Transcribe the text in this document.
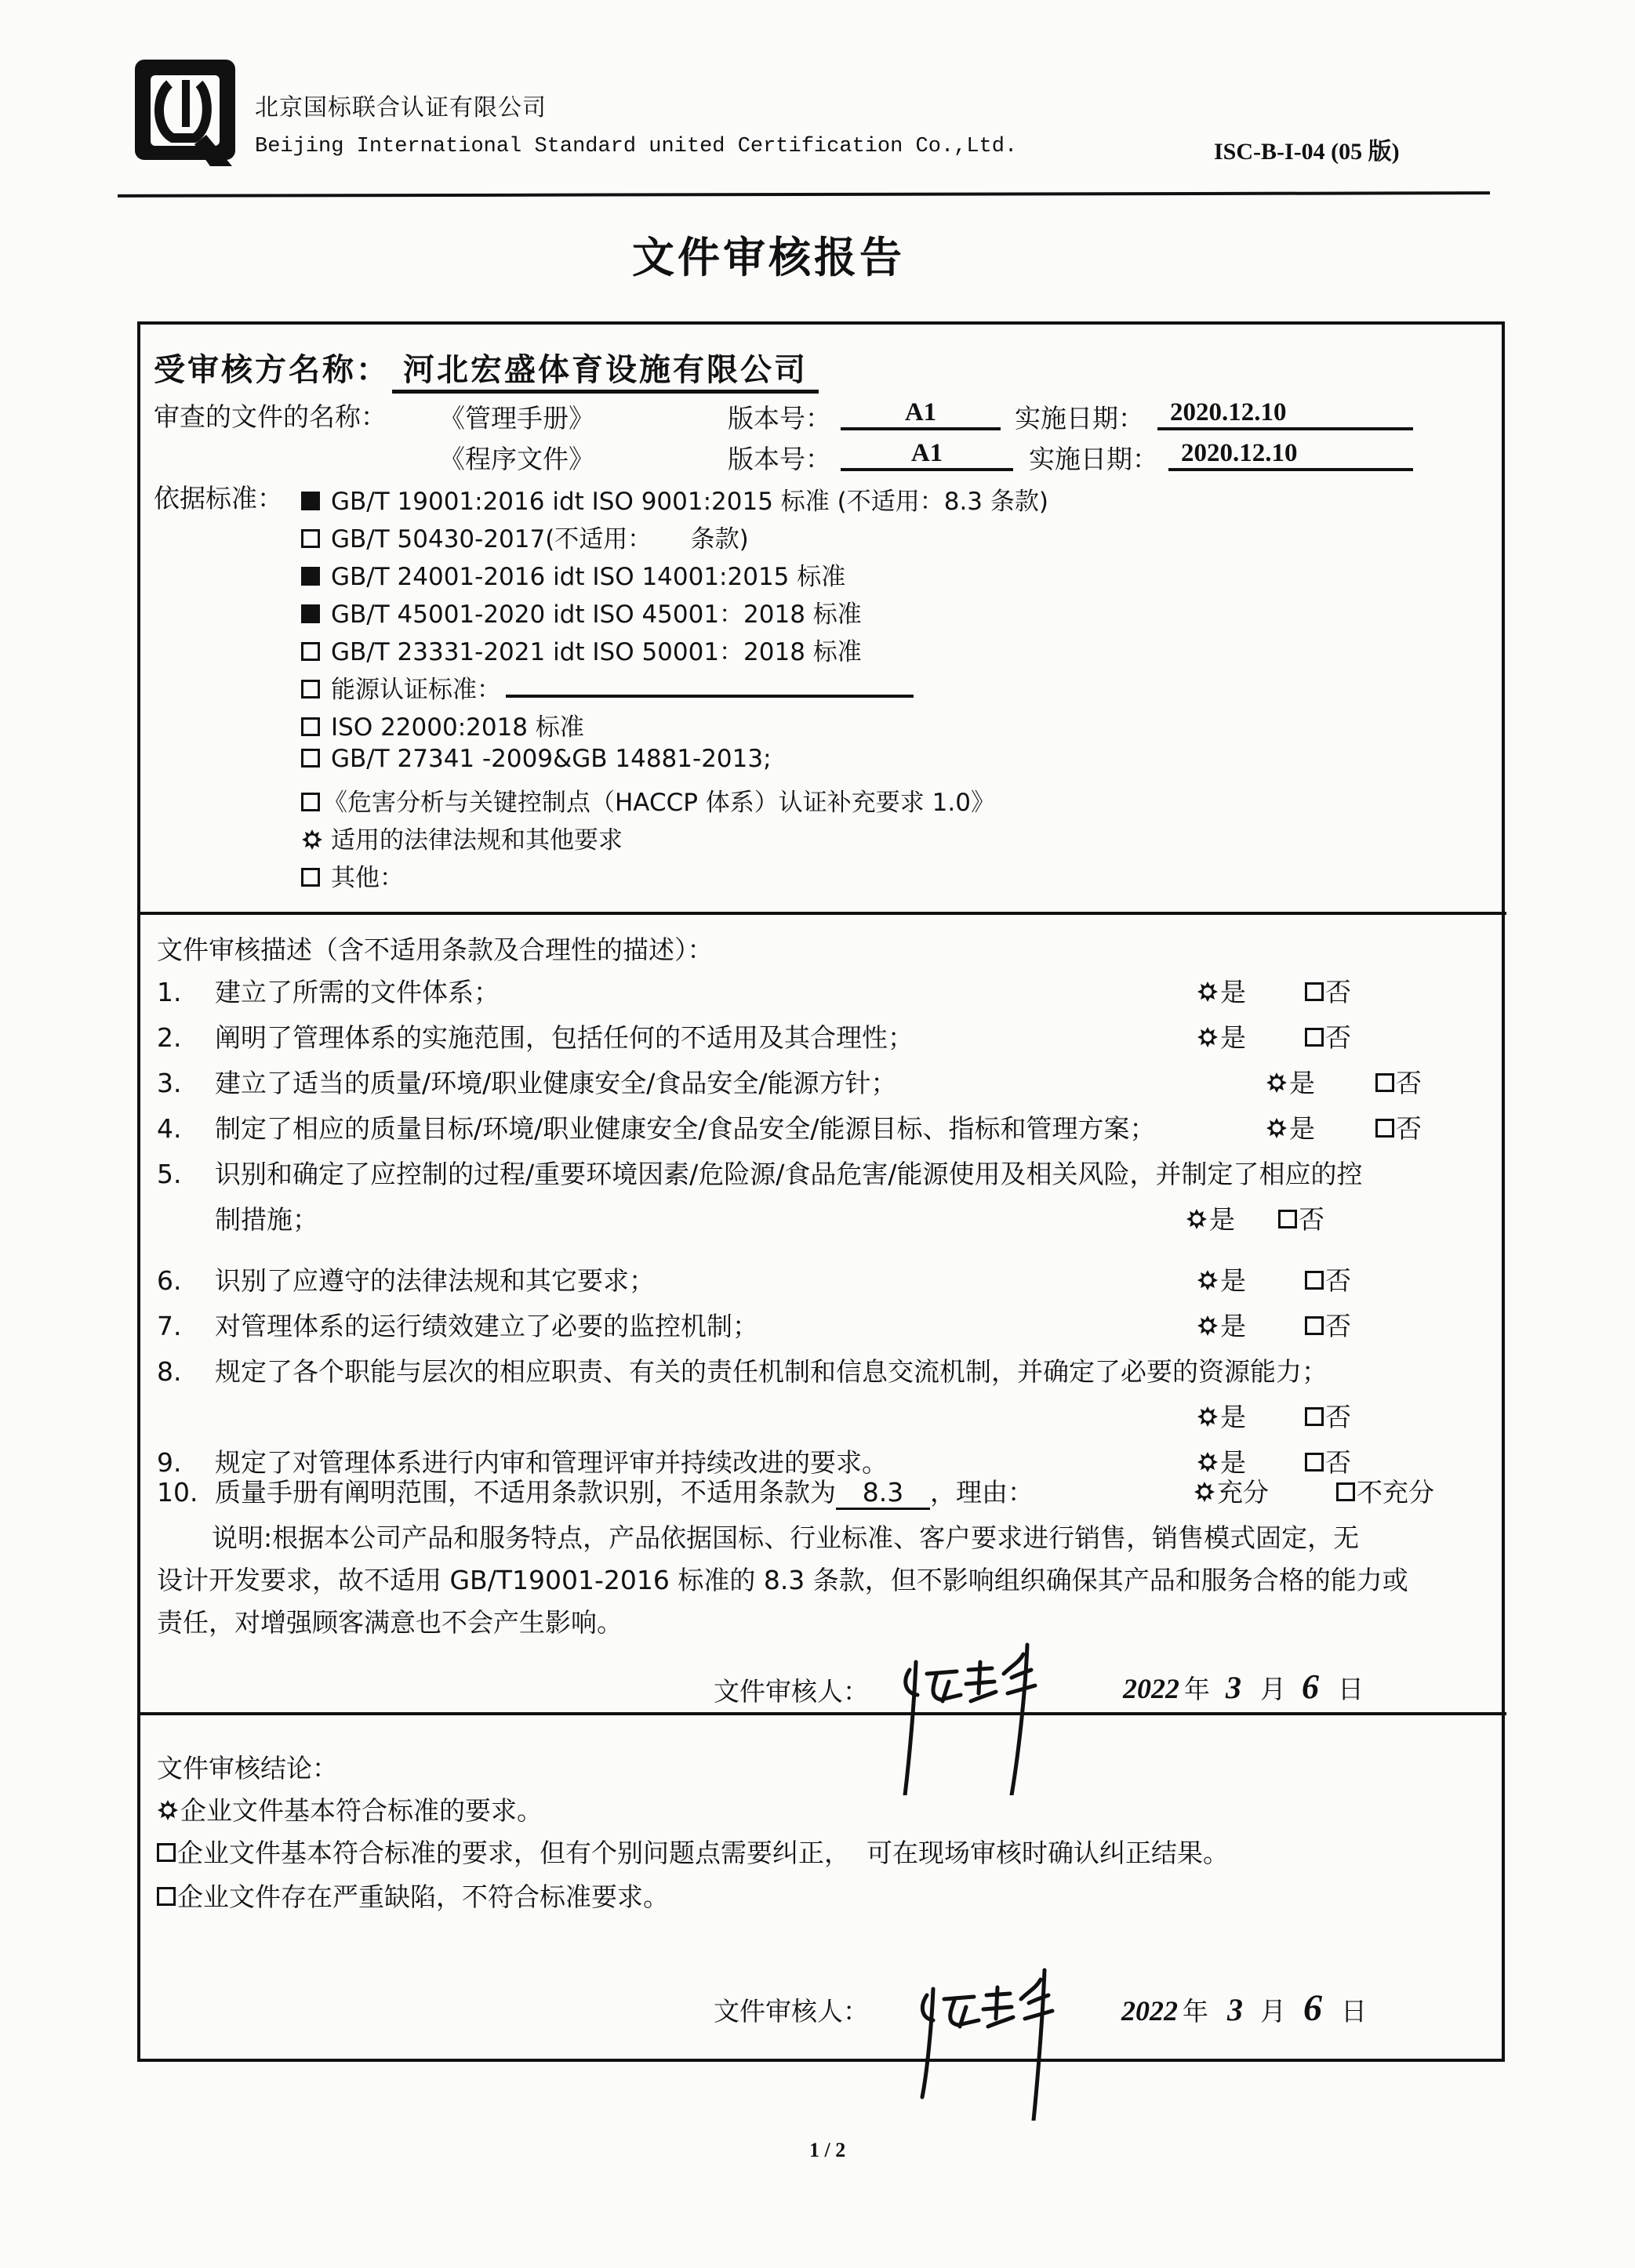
北京国标联合认证有限公司
Beijing International Standard united Certification Co.,Ltd.	ISC-B-I-04 (05 版)
文件审核报告
受审核方名称： 河北宏盛体育设施有限公司
审查的文件的名称： 《管理手册》	版本号：	A1	实施日期：	2020.12.10
《程序文件》	版本号：	A1	实施日期： 2020.12.10
依据标准：	GB/T 19001:2016 idt ISO 9001:2015 标准 (不适用：8.3 条款)
GB/T 50430-2017(不适用：     条款)
GB/T 24001-2016 idt ISO 14001:2015 标准
GB/T 45001-2020 idt ISO 45001：2018 标准
GB/T 23331-2021 idt ISO 50001：2018 标准
能源认证标准：
ISO 22000:2018 标准
GB/T 27341 -2009&GB 14881-2013;
《危害分析与关键控制点（HACCP 体系）认证补充要求 1.0》
适用的法律法规和其他要求
其他：
文件审核描述（含不适用条款及合理性的描述）：
1. 建立了所需的文件体系；	是	否
2. 阐明了管理体系的实施范围，包括任何的不适用及其合理性；	是	否
3. 建立了适当的质量/环境/职业健康安全/食品安全/能源方针；	是	否
4. 制定了相应的质量目标/环境/职业健康安全/食品安全/能源目标、指标和管理方案；	是	否
5. 识别和确定了应控制的过程/重要环境因素/危险源/食品危害/能源使用及相关风险，并制定了相应的控
制措施；	是	否
6. 识别了应遵守的法律法规和其它要求；	是	否
7. 对管理体系的运行绩效建立了必要的监控机制；	是	否
8. 规定了各个职能与层次的相应职责、有关的责任机制和信息交流机制，并确定了必要的资源能力；
是	否
9. 规定了对管理体系进行内审和管理评审并持续改进的要求。	是	否
10. 质量手册有阐明范围，不适用条款识别，不适用条款为 8.3 ，理由：	充分	不充分
说明:根据本公司产品和服务特点，产品依据国标、行业标准、客户要求进行销售，销售模式固定，无
设计开发要求，故不适用 GB/T19001-2016 标准的 8.3 条款，但不影响组织确保其产品和服务合格的能力或
责任，对增强顾客满意也不会产生影响。
文件审核人：	2022 年 3 月 6 日
文件审核结论：
企业文件基本符合标准的要求。
企业文件基本符合标准的要求，但有个别问题点需要纠正，  可在现场审核时确认纠正结果。
企业文件存在严重缺陷，不符合标准要求。
文件审核人：	2022 年 3 月 6 日
1 / 2
